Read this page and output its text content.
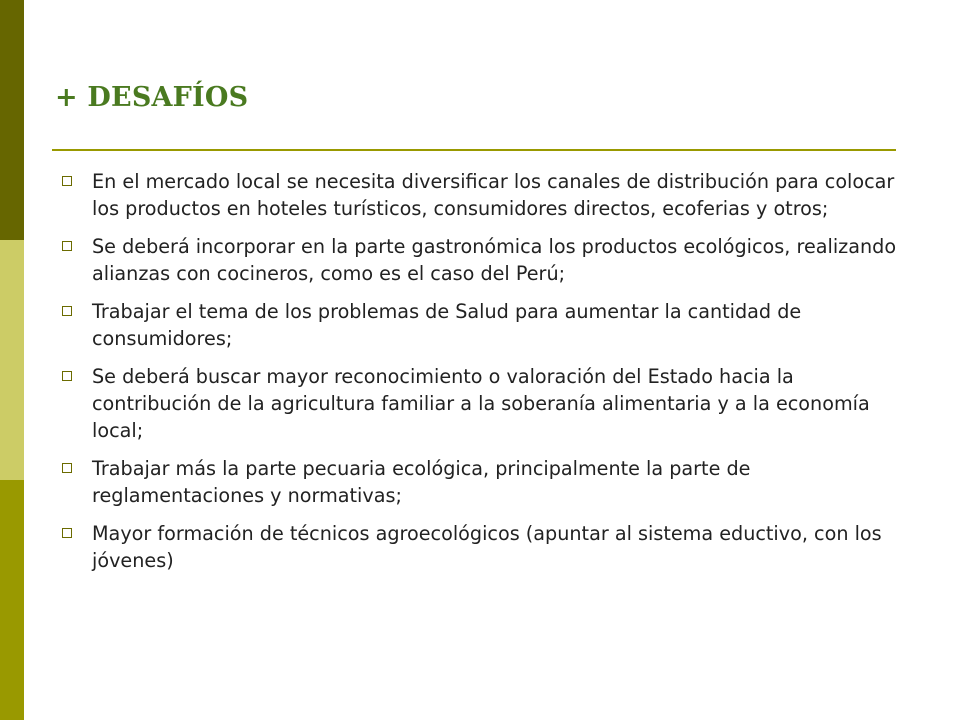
+ DESAFÍOS
En el mercado local se necesita diversificar los canales de distribución para colocar los productos en hoteles turísticos, consumidores directos, ecoferias y otros;
Se deberá incorporar en la parte gastronómica los productos ecológicos, realizando alianzas con cocineros, como es el caso del Perú;
Trabajar el tema de los problemas de Salud para aumentar la cantidad de consumidores;
Se deberá buscar mayor reconocimiento o valoración del Estado hacia la contribución de la agricultura familiar a la soberanía alimentaria y a la economía local;
Trabajar más la parte pecuaria ecológica, principalmente la parte de reglamentaciones y normativas;
Mayor formación de técnicos agroecológicos (apuntar al sistema eductivo, con los jóvenes)
